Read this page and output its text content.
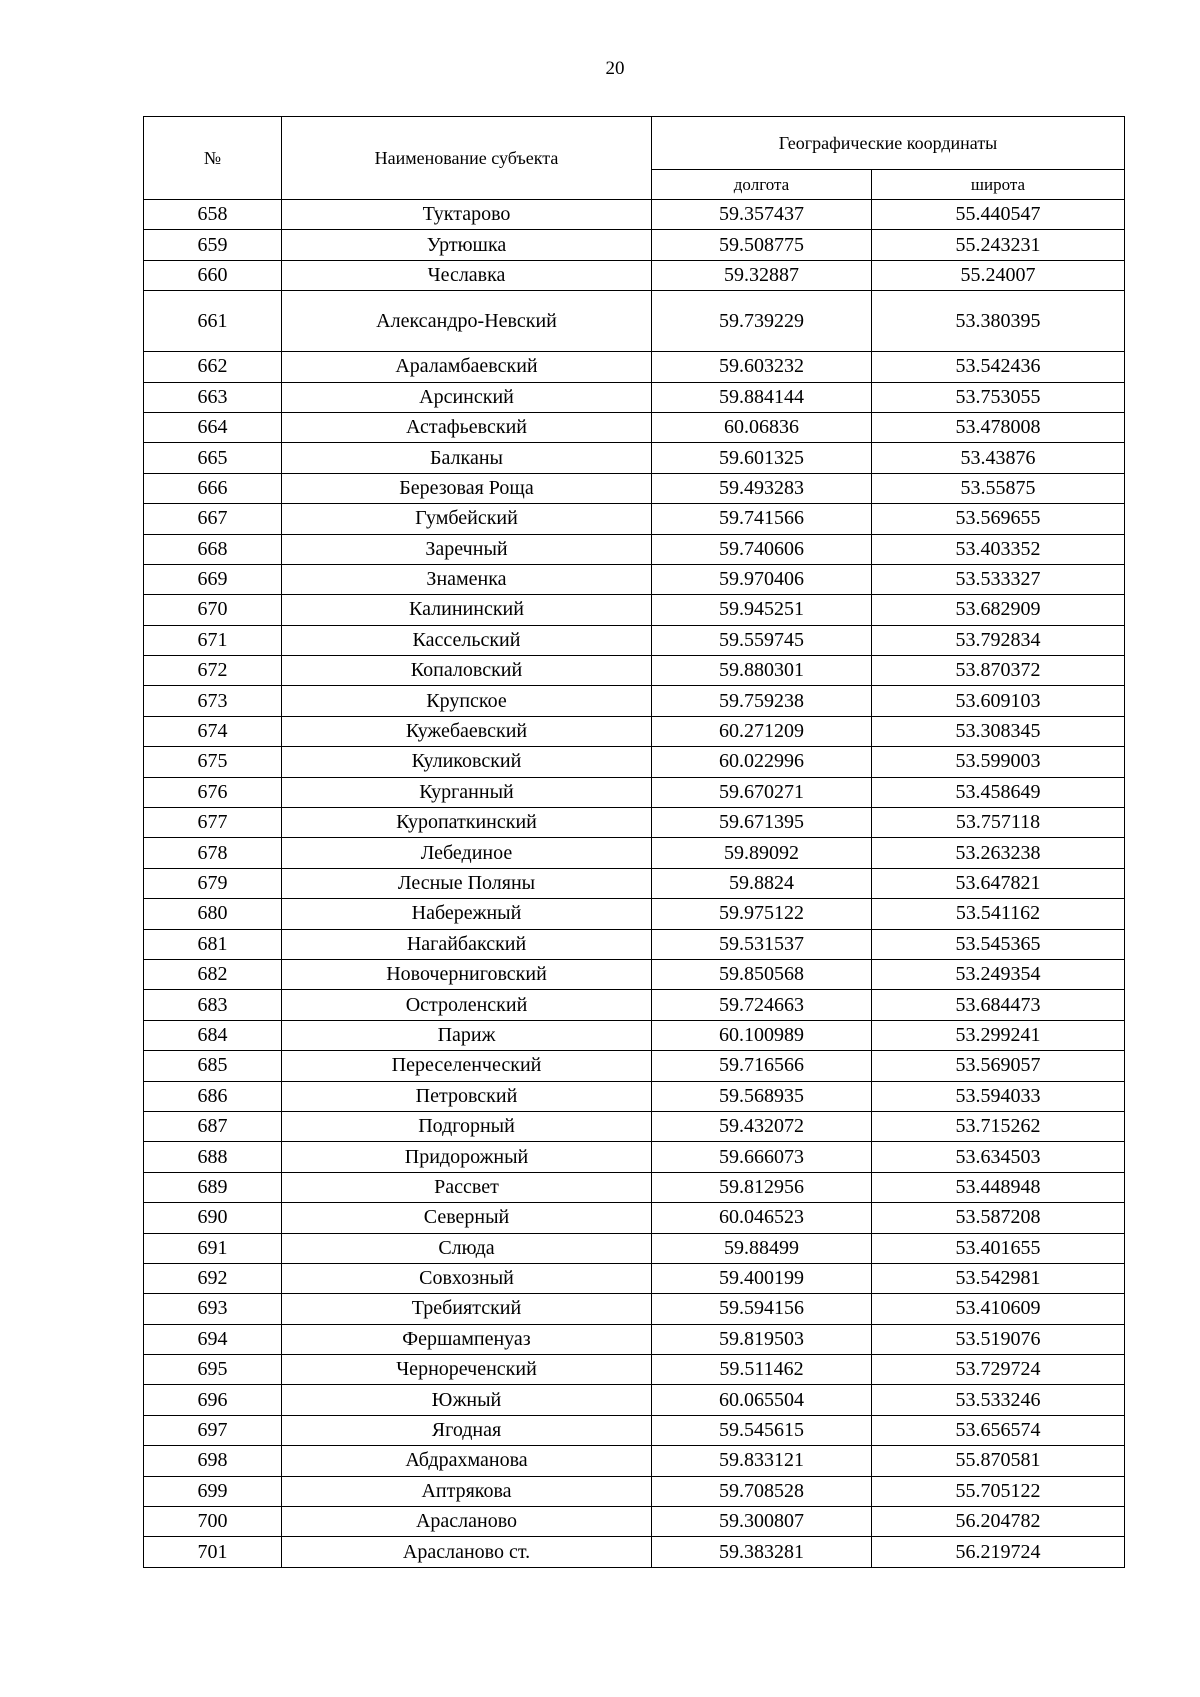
20
№	Наименование субъекта	Географические координаты	
		долгота	широта
658	Туктарово	59.357437	55.440547
659	Уртюшка	59.508775	55.243231
660	Чеславка	59.32887	55.24007
661	Александро-Невский	59.739229	53.380395
662	Араламбаевский	59.603232	53.542436
663	Арсинский	59.884144	53.753055
664	Астафьевский	60.06836	53.478008
665	Балканы	59.601325	53.43876
666	Березовая Роща	59.493283	53.55875
667	Гумбейский	59.741566	53.569655
668	Заречный	59.740606	53.403352
669	Знаменка	59.970406	53.533327
670	Калининский	59.945251	53.682909
671	Кассельский	59.559745	53.792834
672	Копаловский	59.880301	53.870372
673	Крупское	59.759238	53.609103
674	Кужебаевский	60.271209	53.308345
675	Куликовский	60.022996	53.599003
676	Курганный	59.670271	53.458649
677	Куропаткинский	59.671395	53.757118
678	Лебединое	59.89092	53.263238
679	Лесные Поляны	59.8824	53.647821
680	Набережный	59.975122	53.541162
681	Нагайбакский	59.531537	53.545365
682	Новочерниговский	59.850568	53.249354
683	Остроленский	59.724663	53.684473
684	Париж	60.100989	53.299241
685	Переселенческий	59.716566	53.569057
686	Петровский	59.568935	53.594033
687	Подгорный	59.432072	53.715262
688	Придорожный	59.666073	53.634503
689	Рассвет	59.812956	53.448948
690	Северный	60.046523	53.587208
691	Слюда	59.88499	53.401655
692	Совхозный	59.400199	53.542981
693	Требиятский	59.594156	53.410609
694	Фершампенуаз	59.819503	53.519076
695	Чернореченский	59.511462	53.729724
696	Южный	60.065504	53.533246
697	Ягодная	59.545615	53.656574
698	Абдрахманова	59.833121	55.870581
699	Аптрякова	59.708528	55.705122
700	Арасланово	59.300807	56.204782
701	Арасланово ст.	59.383281	56.219724
